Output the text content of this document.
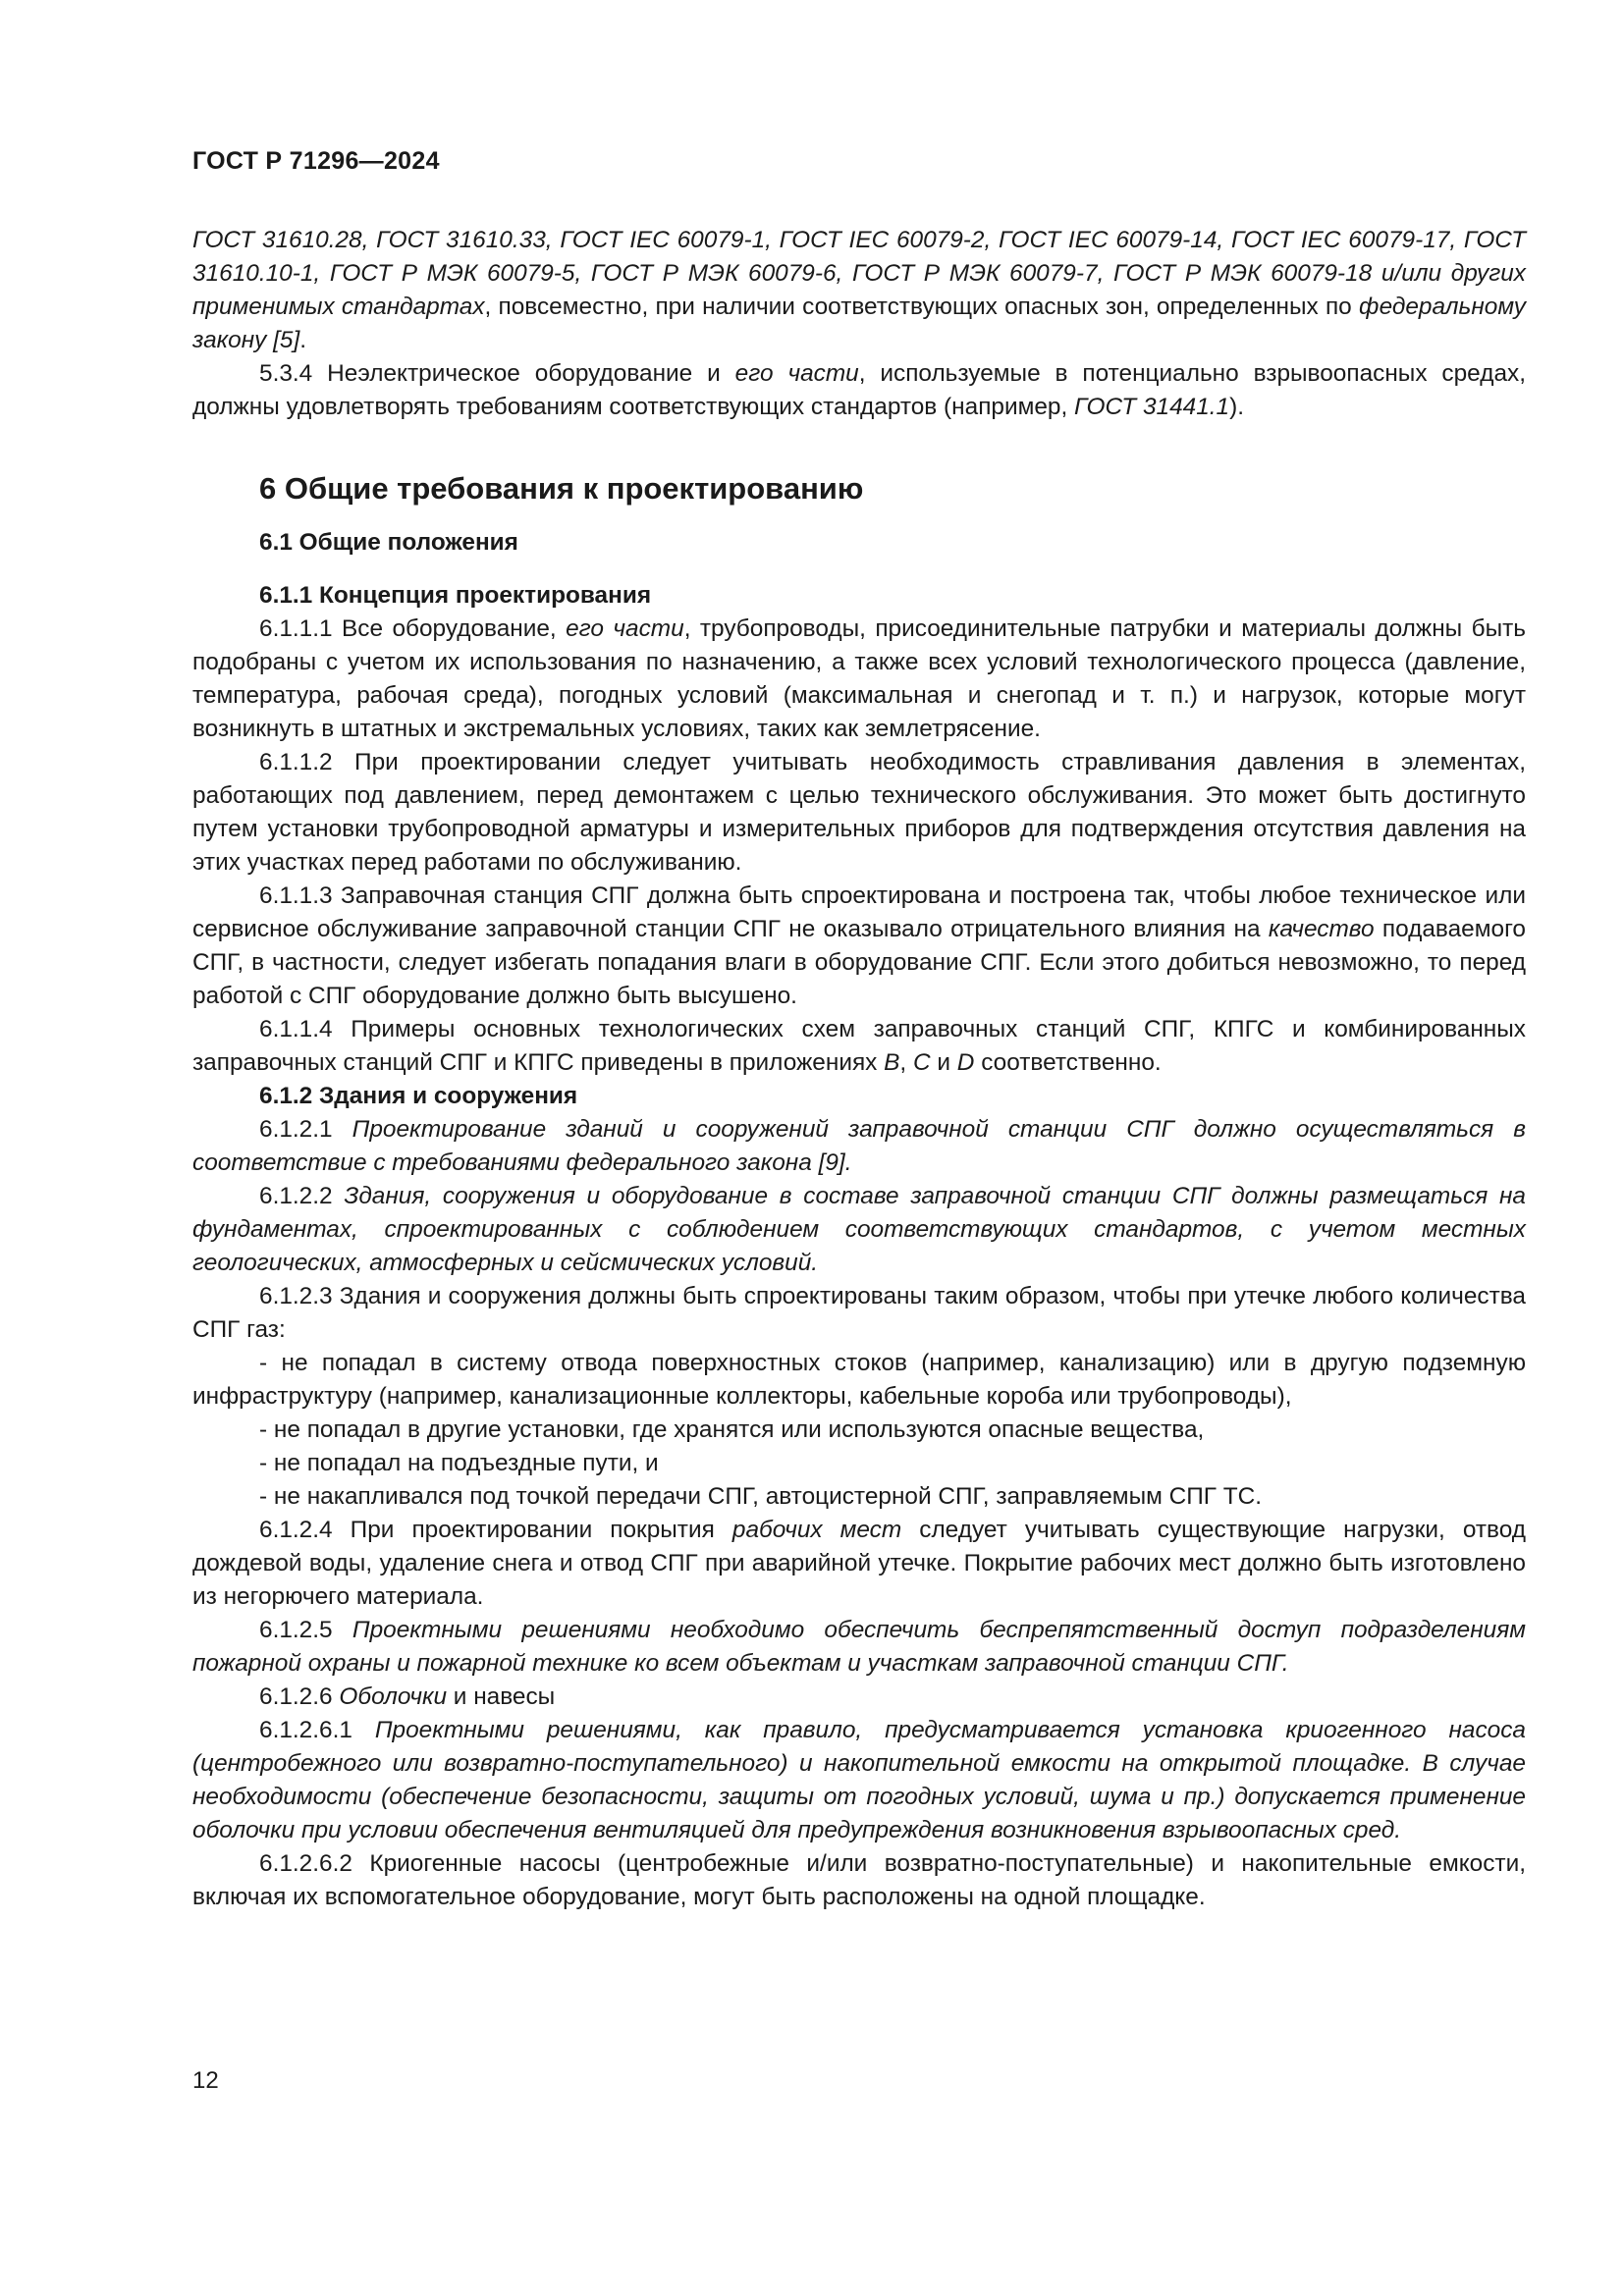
ГОСТ Р 71296—2024

ГОСТ 31610.28, ГОСТ 31610.33, ГОСТ IEC 60079-1, ГОСТ IEC 60079-2, ГОСТ IEC 60079-14, ГОСТ IEC 60079-17, ГОСТ 31610.10-1, ГОСТ Р МЭК 60079-5, ГОСТ Р МЭК 60079-6, ГОСТ Р МЭК 60079-7, ГОСТ Р МЭК 60079-18 и/или других применимых стандартах, повсеместно, при наличии соответствующих опасных зон, определенных по федеральному закону [5].

5.3.4 Неэлектрическое оборудование и его части, используемые в потенциально взрывоопасных средах, должны удовлетворять требованиям соответствующих стандартов (например, ГОСТ 31441.1).

6 Общие требования к проектированию

6.1 Общие положения

6.1.1 Концепция проектирования

6.1.1.1 Все оборудование, его части, трубопроводы, присоединительные патрубки и материалы должны быть подобраны с учетом их использования по назначению, а также всех условий технологического процесса (давление, температура, рабочая среда), погодных условий (максимальная и снегопад и т. п.) и нагрузок, которые могут возникнуть в штатных и экстремальных условиях, таких как землетрясение.

6.1.1.2 При проектировании следует учитывать необходимость стравливания давления в элементах, работающих под давлением, перед демонтажем с целью технического обслуживания. Это может быть достигнуто путем установки трубопроводной арматуры и измерительных приборов для подтверждения отсутствия давления на этих участках перед работами по обслуживанию.

6.1.1.3 Заправочная станция СПГ должна быть спроектирована и построена так, чтобы любое техническое или сервисное обслуживание заправочной станции СПГ не оказывало отрицательного влияния на качество подаваемого СПГ, в частности, следует избегать попадания влаги в оборудование СПГ. Если этого добиться невозможно, то перед работой с СПГ оборудование должно быть высушено.

6.1.1.4 Примеры основных технологических схем заправочных станций СПГ, КПГС и комбинированных заправочных станций СПГ и КПГС приведены в приложениях B, C и D соответственно.

6.1.2 Здания и сооружения

6.1.2.1 Проектирование зданий и сооружений заправочной станции СПГ должно осуществляться в соответствие с требованиями федерального закона [9].

6.1.2.2 Здания, сооружения и оборудование в составе заправочной станции СПГ должны размещаться на фундаментах, спроектированных с соблюдением соответствующих стандартов, с учетом местных геологических, атмосферных и сейсмических условий.

6.1.2.3 Здания и сооружения должны быть спроектированы таким образом, чтобы при утечке любого количества СПГ газ:

- не попадал в систему отвода поверхностных стоков (например, канализацию) или в другую подземную инфраструктуру (например, канализационные коллекторы, кабельные короба или трубопроводы),

- не попадал в другие установки, где хранятся или используются опасные вещества,

- не попадал на подъездные пути, и

- не накапливался под точкой передачи СПГ, автоцистерной СПГ, заправляемым СПГ ТС.

6.1.2.4 При проектировании покрытия рабочих мест следует учитывать существующие нагрузки, отвод дождевой воды, удаление снега и отвод СПГ при аварийной утечке. Покрытие рабочих мест должно быть изготовлено из негорючего материала.

6.1.2.5 Проектными решениями необходимо обеспечить беспрепятственный доступ подразделениям пожарной охраны и пожарной технике ко всем объектам и участкам заправочной станции СПГ.

6.1.2.6 Оболочки и навесы

6.1.2.6.1 Проектными решениями, как правило, предусматривается установка криогенного насоса (центробежного или возвратно-поступательного) и накопительной емкости на открытой площадке. В случае необходимости (обеспечение безопасности, защиты от погодных условий, шума и пр.) допускается применение оболочки при условии обеспечения вентиляцией для предупреждения возникновения взрывоопасных сред.

6.1.2.6.2 Криогенные насосы (центробежные и/или возвратно-поступательные) и накопительные емкости, включая их вспомогательное оборудование, могут быть расположены на одной площадке.

12
